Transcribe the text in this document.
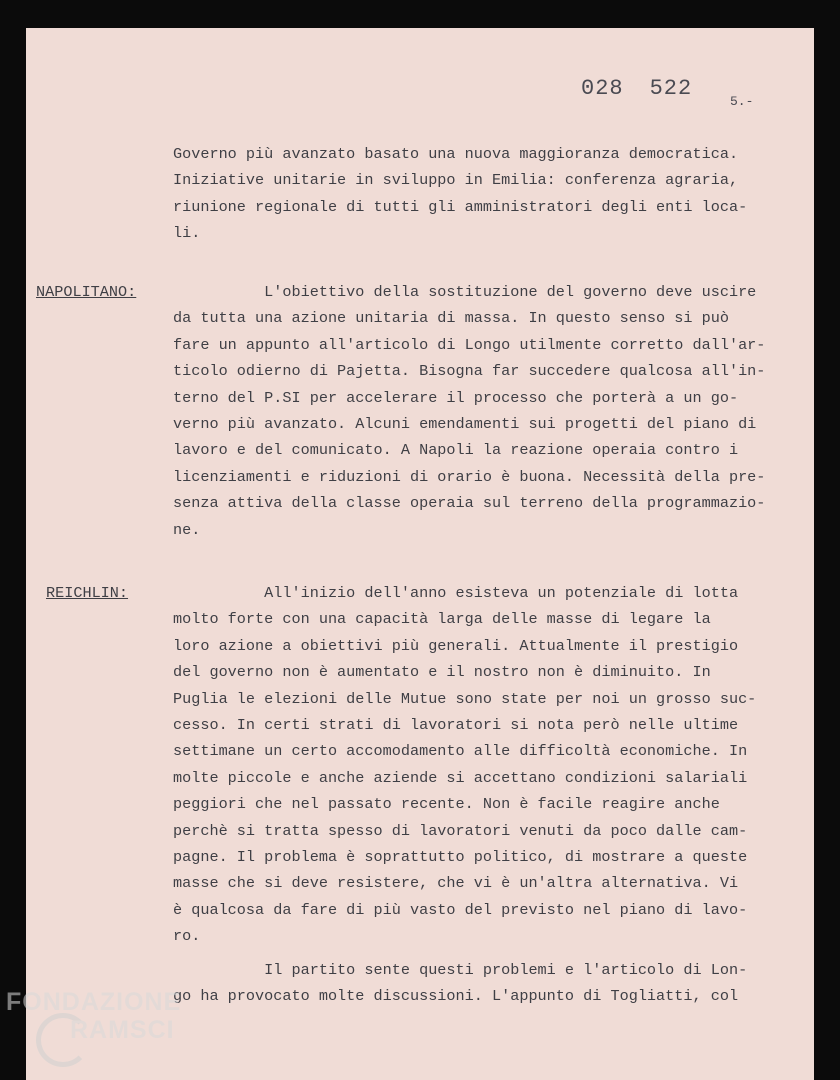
028 522
5.-
Governo più avanzato basato una nuova maggioranza democratica.
Iniziative unitarie in sviluppo in Emilia: conferenza agraria,
riunione regionale di tutti gli amministratori degli enti loca-
li.
NAPOLITANO: L'obiettivo della sostituzione del governo deve uscire
da tutta una azione unitaria di massa. In questo senso si può
fare un appunto all'articolo di Longo utilmente corretto dall'ar-
ticolo odierno di Pajetta. Bisogna far succedere qualcosa all'in-
terno del P.SI per accelerare il processo che porterà a un go-
verno più avanzato. Alcuni emendamenti sui progetti del piano di
lavoro e del comunicato. A Napoli la reazione operaia contro i
licenziamenti e riduzioni di orario è buona. Necessità della pre-
senza attiva della classe operaia sul terreno della programmazio-
ne.
REICHLIN:	All'inizio dell'anno esisteva un potenziale di lotta
molto forte con una capacità larga delle masse di legare la
loro azione a obiettivi più generali. Attualmente il prestigio
del governo non è aumentato e il nostro non è diminuito. In
Puglia le elezioni delle Mutue sono state per noi un grosso suc-
cesso. In certi strati di lavoratori si nota però nelle ultime
settimane un certo accomodamento alle difficoltà economiche. In
molte piccole e anche aziende si accettano condizioni salariali
peggiori che nel passato recente. Non è facile reagire anche
perchè si tratta spesso di lavoratori venuti da poco dalle cam-
pagne. Il problema è soprattutto politico, di mostrare a queste
masse che si deve resistere, che vi è un'altra alternativa. Vi
è qualcosa da fare di più vasto del previsto nel piano di lavo-
ro.
Il partito sente questi problemi e l'articolo di Lon-
go ha provocato molte discussioni. L'appunto di Togliatti, col
FONDAZIONE
RAMSCI
